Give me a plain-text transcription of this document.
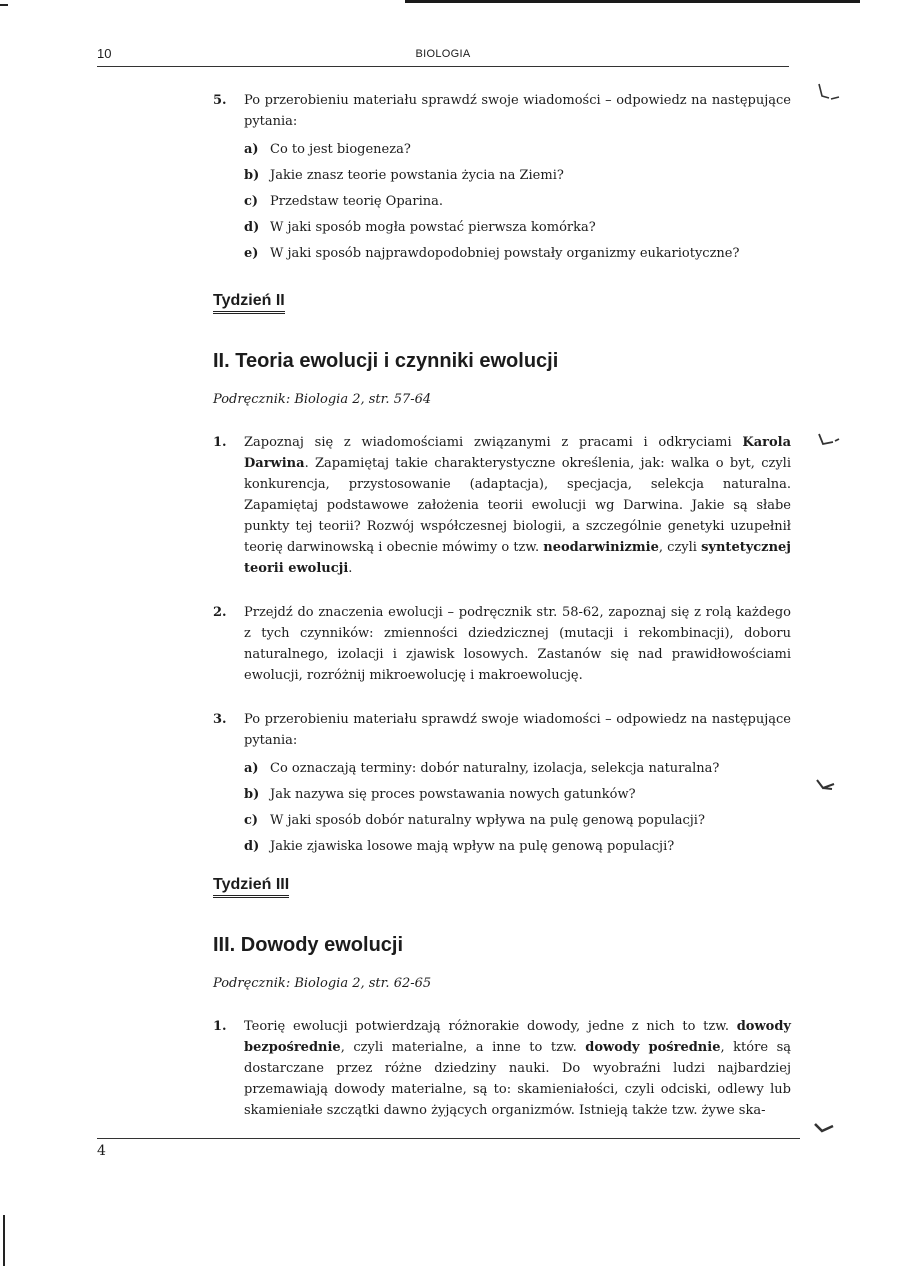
10	BIOLOGIA
5. Po przerobieniu materiału sprawdź swoje wiadomości – odpowiedz na następujące pytania:
a) Co to jest biogeneza?
b) Jakie znasz teorie powstania życia na Ziemi?
c) Przedstaw teorię Oparina.
d) W jaki sposób mogła powstać pierwsza komórka?
e) W jaki sposób najprawdopodobniej powstały organizmy eukariotyczne?
Tydzień II
II. Teoria ewolucji i czynniki ewolucji
Podręcznik: Biologia 2, str. 57-64
1. Zapoznaj się z wiadomościami związanymi z pracami i odkryciami Karola Darwina. Zapamiętaj takie charakterystyczne określenia, jak: walka o byt, czyli konkurencja, przystosowanie (adaptacja), specjacja, selekcja naturalna. Zapamiętaj podstawowe założenia teorii ewolucji wg Darwina. Jakie są słabe punkty tej teorii? Rozwój współczesnej biologii, a szczególnie genetyki uzupełnił teorię darwinowską i obecnie mówimy o tzw. neodarwinizmie, czyli syntetycznej teorii ewolucji.
2. Przejdź do znaczenia ewolucji – podręcznik str. 58-62, zapoznaj się z rolą każdego z tych czynników: zmienności dziedzicznej (mutacji i rekombinacji), doboru naturalnego, izolacji i zjawisk losowych. Zastanów się nad prawidłowościami ewolucji, rozróżnij mikroewolucję i makroewolucję.
3. Po przerobieniu materiału sprawdź swoje wiadomości – odpowiedz na następujące pytania:
a) Co oznaczają terminy: dobór naturalny, izolacja, selekcja naturalna?
b) Jak nazywa się proces powstawania nowych gatunków?
c) W jaki sposób dobór naturalny wpływa na pulę genową populacji?
d) Jakie zjawiska losowe mają wpływ na pulę genową populacji?
Tydzień III
III. Dowody ewolucji
Podręcznik: Biologia 2, str. 62-65
1. Teorię ewolucji potwierdzają różnorakie dowody, jedne z nich to tzw. dowody bezpośrednie, czyli materialne, a inne to tzw. dowody pośrednie, które są dostarczane przez różne dziedziny nauki. Do wyobraźni ludzi najbardziej przemawiają dowody materialne, są to: skamieniałości, czyli odciski, odlewy lub skamieniałe szczątki dawno żyjących organizmów. Istnieją także tzw. żywe ska-
4
